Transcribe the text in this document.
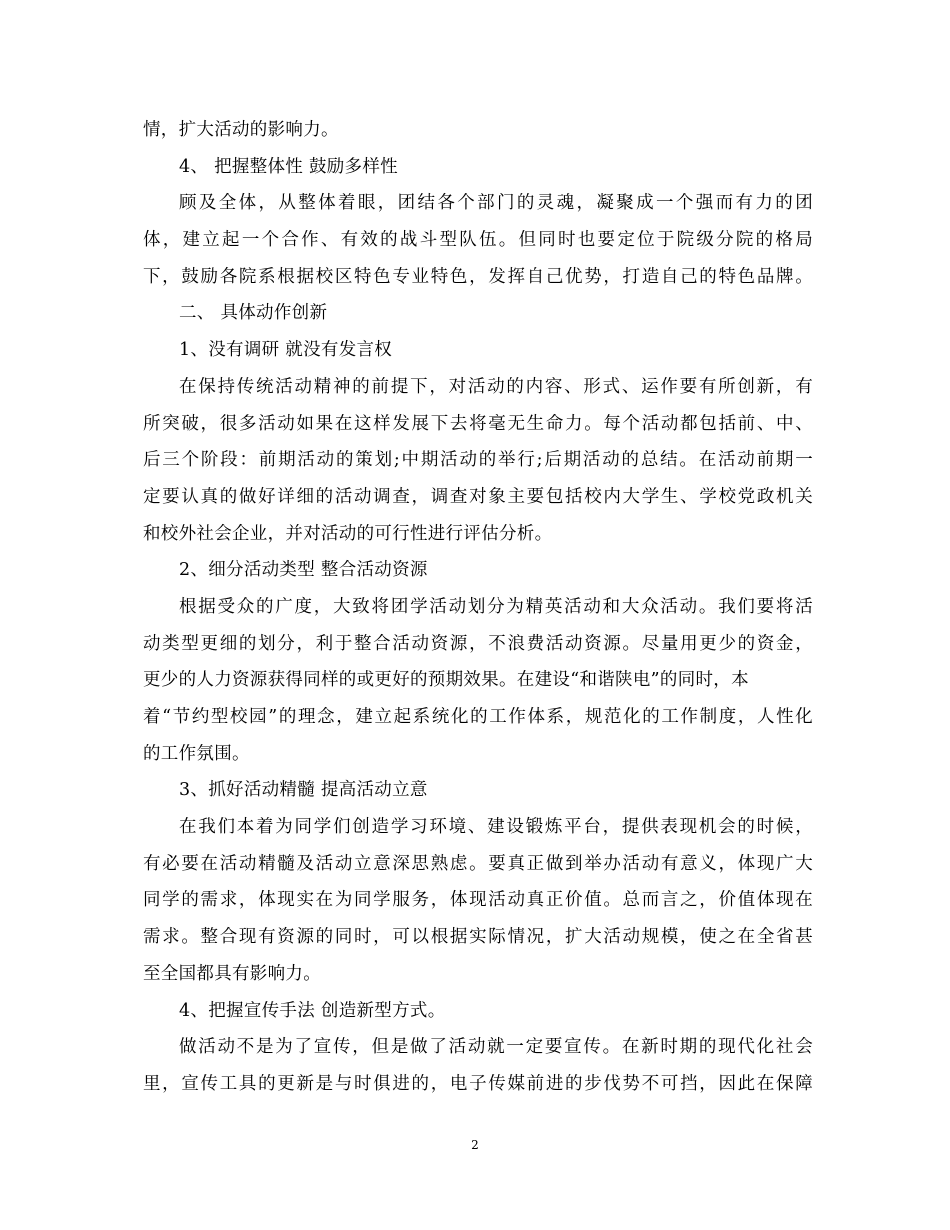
情，扩大活动的影响力。
4、 把握整体性 鼓励多样性
顾及全体，从整体着眼，团结各个部门的灵魂，凝聚成一个强而有力的团
体，建立起一个合作、有效的战斗型队伍。但同时也要定位于院级分院的格局
下，鼓励各院系根据校区特色专业特色，发挥自己优势，打造自己的特色品牌。
二、 具体动作创新
1、没有调研 就没有发言权
在保持传统活动精神的前提下，对活动的内容、形式、运作要有所创新，有
所突破，很多活动如果在这样发展下去将毫无生命力。每个活动都包括前、中、
后三个阶段：前期活动的策划;中期活动的举行;后期活动的总结。在活动前期一
定要认真的做好详细的活动调查，调查对象主要包括校内大学生、学校党政机关
和校外社会企业，并对活动的可行性进行评估分析。
2、细分活动类型 整合活动资源
根据受众的广度，大致将团学活动划分为精英活动和大众活动。我们要将活
动类型更细的划分，利于整合活动资源，不浪费活动资源。尽量用更少的资金，
更少的人力资源获得同样的或更好的预期效果。在建设“和谐陕电”的同时，本
着“节约型校园”的理念，建立起系统化的工作体系，规范化的工作制度，人性化
的工作氛围。
3、抓好活动精髓 提高活动立意
在我们本着为同学们创造学习环境、建设锻炼平台，提供表现机会的时候，
有必要在活动精髓及活动立意深思熟虑。要真正做到举办活动有意义，体现广大
同学的需求，体现实在为同学服务，体现活动真正价值。总而言之，价值体现在
需求。整合现有资源的同时，可以根据实际情况，扩大活动规模，使之在全省甚
至全国都具有影响力。
4、把握宣传手法 创造新型方式。
做活动不是为了宣传，但是做了活动就一定要宣传。在新时期的现代化社会
里，宣传工具的更新是与时俱进的，电子传媒前进的步伐势不可挡，因此在保障
2
